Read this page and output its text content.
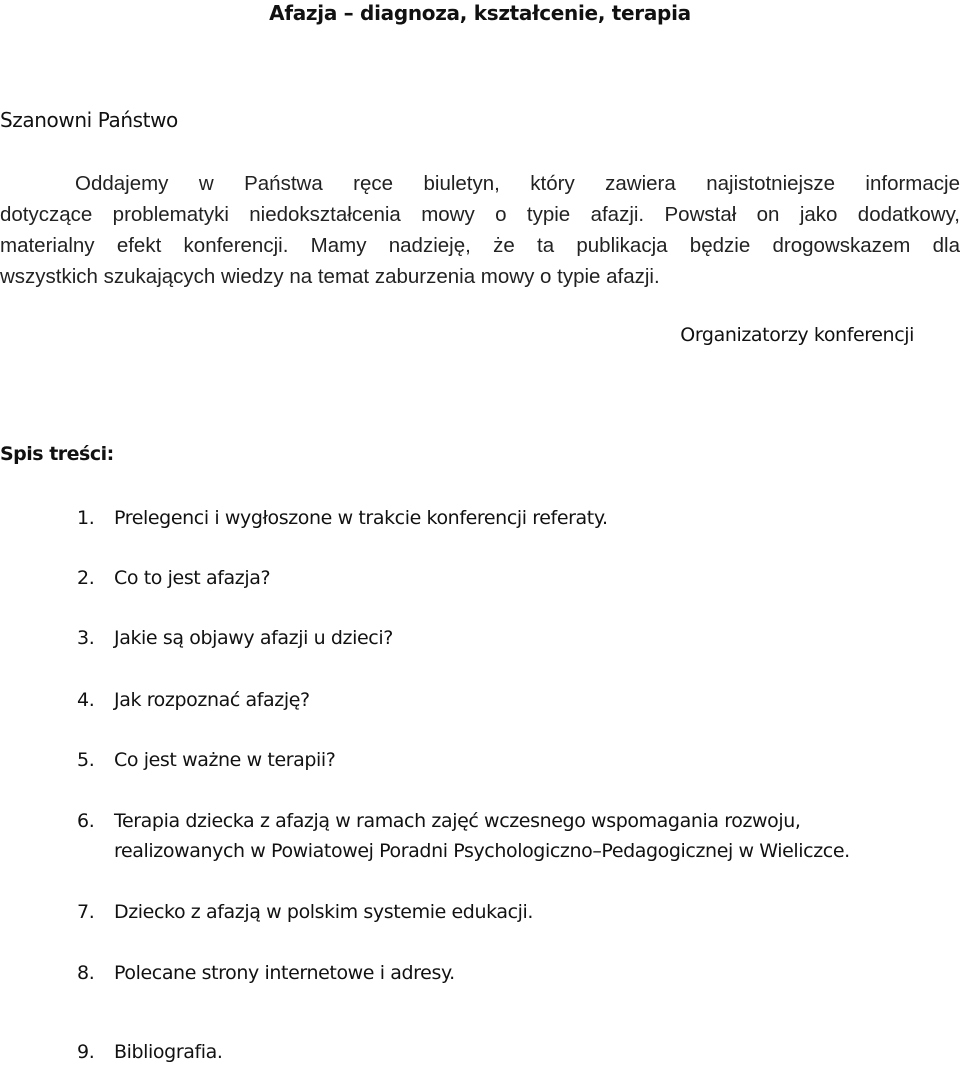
Afazja – diagnoza, kształcenie, terapia
Szanowni Państwo
Oddajemy w Państwa ręce biuletyn, który zawiera najistotniejsze informacje
dotyczące problematyki niedokształcenia mowy o typie afazji. Powstał on jako dodatkowy,
materialny efekt konferencji. Mamy nadzieję, że ta publikacja będzie drogowskazem dla
wszystkich szukających wiedzy na temat zaburzenia mowy o typie afazji.
Organizatorzy konferencji
Spis treści:
1. Prelegenci i wygłoszone w trakcie konferencji referaty.
2. Co to jest afazja?
3. Jakie są objawy afazji u dzieci?
4. Jak rozpoznać afazję?
5. Co jest ważne w terapii?
6. Terapia dziecka z afazją w ramach zajęć wczesnego wspomagania rozwoju,
realizowanych w Powiatowej Poradni Psychologiczno–Pedagogicznej w Wieliczce.
7. Dziecko z afazją w polskim systemie edukacji.
8. Polecane strony internetowe i adresy.
9. Bibliografia.
